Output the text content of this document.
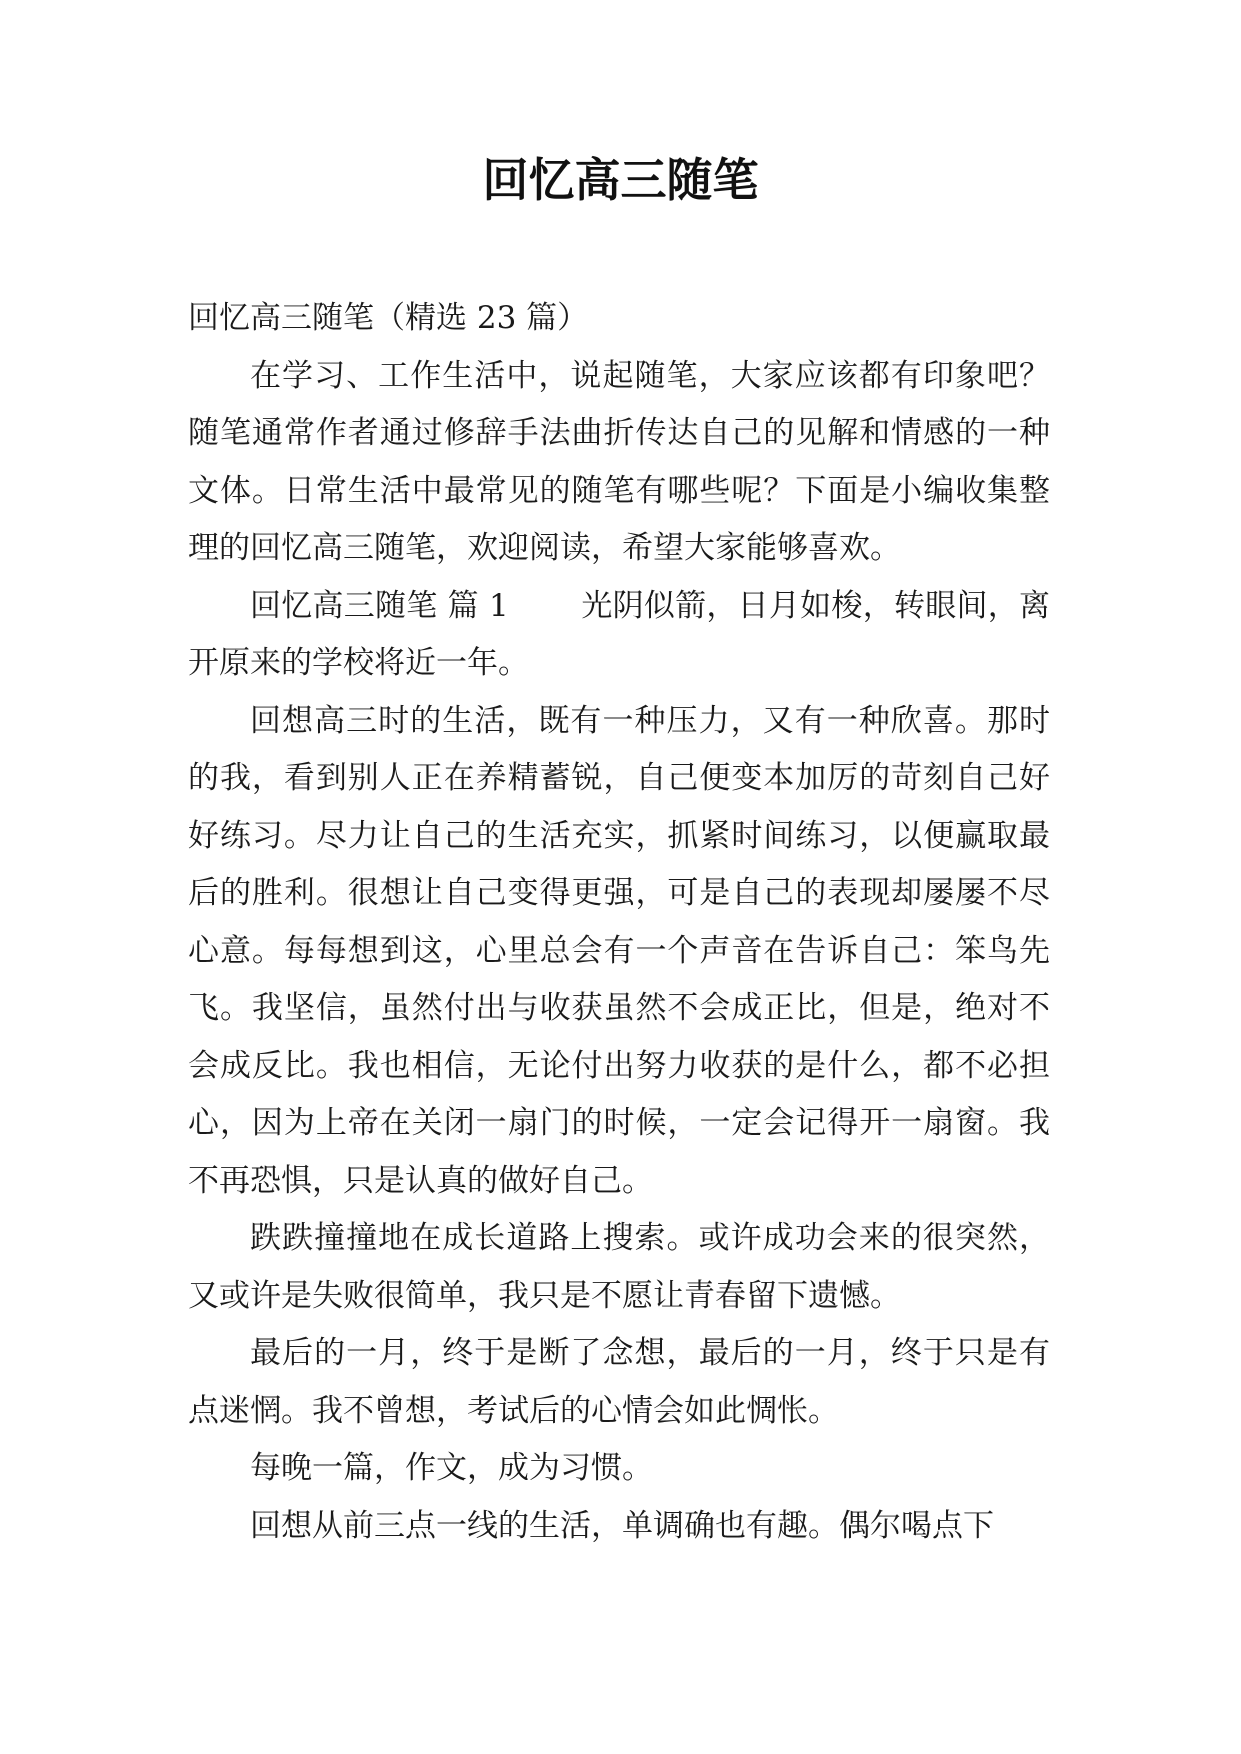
回忆高三随笔

回忆高三随笔（精选 23 篇）

在学习、工作生活中，说起随笔，大家应该都有印象吧？随笔通常作者通过修辞手法曲折传达自己的见解和情感的一种文体。日常生活中最常见的随笔有哪些呢？下面是小编收集整理的回忆高三随笔，欢迎阅读，希望大家能够喜欢。

回忆高三随笔 篇 1 　　光阴似箭，日月如梭，转眼间，离开原来的学校将近一年。

回想高三时的生活，既有一种压力，又有一种欣喜。那时的我，看到别人正在养精蓄锐，自己便变本加厉的苛刻自己好好练习。尽力让自己的生活充实，抓紧时间练习，以便赢取最后的胜利。很想让自己变得更强，可是自己的表现却屡屡不尽心意。每每想到这，心里总会有一个声音在告诉自己：笨鸟先飞。我坚信，虽然付出与收获虽然不会成正比，但是，绝对不会成反比。我也相信，无论付出努力收获的是什么，都不必担心，因为上帝在关闭一扇门的时候，一定会记得开一扇窗。我不再恐惧，只是认真的做好自己。

跌跌撞撞地在成长道路上搜索。或许成功会来的很突然，又或许是失败很简单，我只是不愿让青春留下遗憾。

最后的一月，终于是断了念想，最后的一月，终于只是有点迷惘。我不曾想，考试后的心情会如此惆怅。

每晚一篇，作文，成为习惯。

回想从前三点一线的生活，单调确也有趣。偶尔喝点下
